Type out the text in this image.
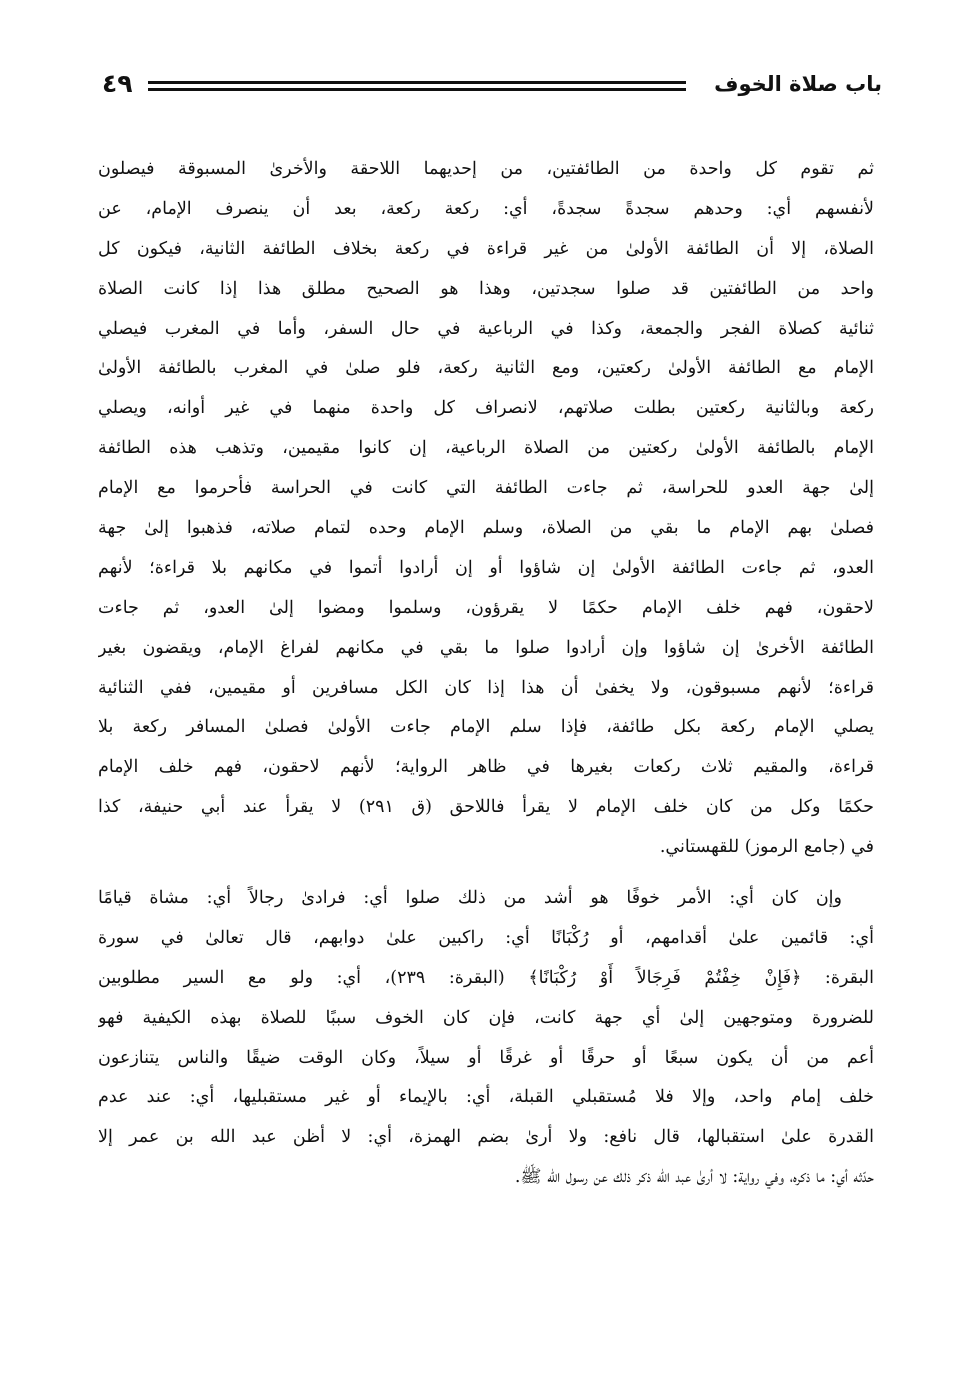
٤٩	باب صلاة الخوف
ثم تقوم كل واحدة من الطائفتين، من إحديهما اللاحقة والأخرىٰ المسبوقة فيصلون
لأنفسهم أي: وحدهم سجدةً سجدةً، أي: ركعة ركعة، بعد أن ينصرف الإمام، عن
الصلاة، إلا أن الطائفة الأولىٰ من غير قراءة في ركعة بخلاف الطائفة الثانية، فيكون كل
واحد من الطائفتين قد صلوا سجدتين، وهذا هو الصحيح مطلق هذا إذا كانت الصلاة
ثنائية كصلاة الفجر والجمعة، وكذا في الرباعية في حال السفر، وأما في المغرب فيصلي
الإمام مع الطائفة الأولىٰ ركعتين، ومع الثانية ركعة، فلو صلىٰ في المغرب بالطائفة الأولىٰ
ركعة وبالثانية ركعتين بطلت صلاتهم، لانصراف كل واحدة منهما في غير أوانه، ويصلي
الإمام بالطائفة الأولىٰ ركعتين من الصلاة الرباعية، إن كانوا مقيمين، وتذهب هذه الطائفة
إلىٰ جهة العدو للحراسة، ثم جاءت الطائفة التي كانت في الحراسة فأحرموا مع الإمام
فصلىٰ بهم الإمام ما بقي من الصلاة، وسلم الإمام وحده لتمام صلاته، فذهبوا إلىٰ جهة
العدو، ثم جاءت الطائفة الأولىٰ إن شاؤوا أو إن أرادوا أتموا في مكانهم بلا قراءة؛ لأنهم
لاحقون، فهم خلف الإمام حكمًا لا يقرؤون، وسلموا ومضوا إلىٰ العدو، ثم جاءت
الطائفة الأخرىٰ إن شاؤوا وإن أرادوا صلوا ما بقي في مكانهم لفراغ الإمام، ويقضون بغير
قراءة؛ لأنهم مسبوقون، ولا يخفىٰ أن هذا إذا كان الكل مسافرين أو مقيمين، ففي الثنائية
يصلي الإمام ركعة بكل طائفة، فإذا سلم الإمام جاءت الأولىٰ فصلىٰ المسافر ركعة بلا
قراءة، والمقيم ثلاث ركعات بغيرها في ظاهر الرواية؛ لأنهم لاحقون، فهم خلف الإمام
حكمًا وكل من كان خلف الإمام لا يقرأ فاللاحق (ق ٢٩١) لا يقرأ عند أبي حنيفة، كذا
في (جامع الرموز) للقهستاني.
وإن كان أي: الأمر خوفًا هو أشد من ذلك صلوا أي: فرادىٰ رجالاً أي: مشاة قيامًا
أي: قائمين علىٰ أقدامهم، أو رُكْبَانًا أي: راكبين علىٰ دوابهم، قال تعالىٰ في سورة
البقرة: ﴿فَإِنْ خِفْتُمْ فَرِجَالاً أَوْ رُكْبَانًا﴾ (البقرة: ٢٣٩)، أي: ولو مع السير مطلوبين
للضرورة ومتوجهين إلىٰ أي جهة كانت، فإن كان الخوف سببًا للصلاة بهذه الكيفية فهو
أعم من أن يكون سبعًا أو حرقًا أو غرقًا أو سيلاً، وكان الوقت ضيقًا والناس يتنازعون
خلف إمام واحد، وإلا فلا مُستقبلي القبلة، أي: بالإيماء أو غير مستقبليها، أي: عند عدم
القدرة علىٰ استقبالها، قال نافع: ولا أرىٰ بضم الهمزة، أي: لا أظن عبد الله بن عمر إلا
حدّثه أي: ما ذكره، وفي رواية: لا أرىٰ عبد الله ذكر ذلك عن رسول الله ﷺ.
